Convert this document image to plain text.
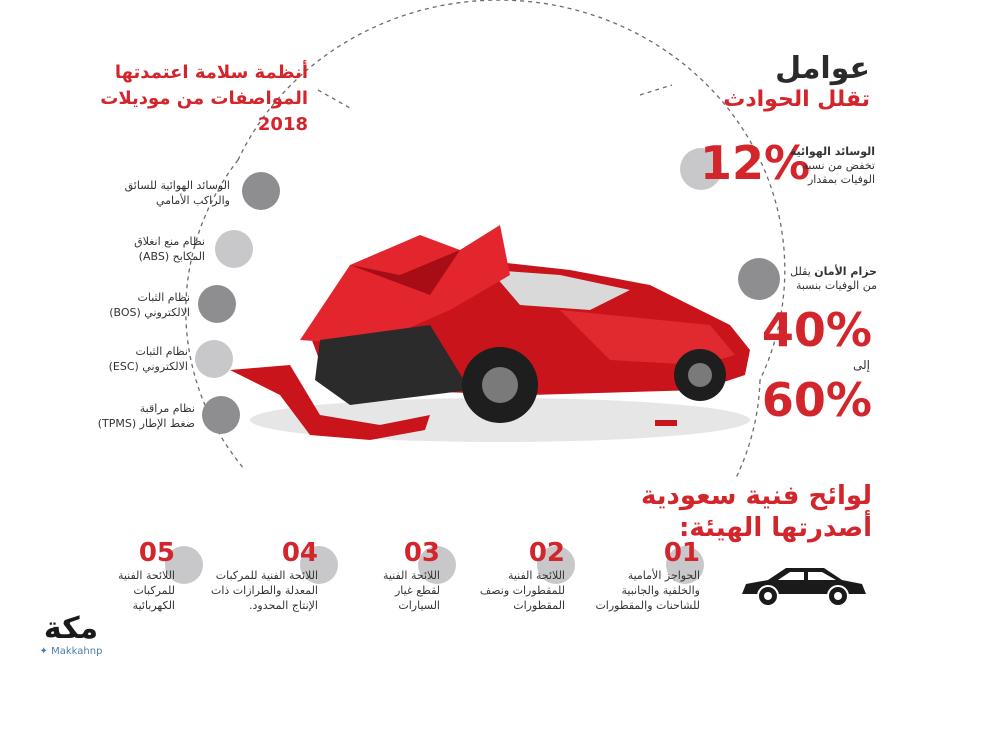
عوامل
تقلل الحوادث
أنظمة سلامة اعتمدتها
المواصفات من موديلات
2018
الوسائد الهوائية للسائق
والراكب الأمامي
نظام منع انغلاق
المكابح (ABS)
نظام الثبات
الالكتروني (BOS)
نظام الثبات
الالكتروني (ESC)
نظام مراقبة
ضغط الإطار (TPMS)
12%
الوسائد الهوائية
تخفض من نسبة
الوفيات بمقدار
حزام الأمان يقلل
من الوفيات بنسبة
40%
إلى
60%
لوائح فنية سعودية
أصدرتها الهيئة:
01
الحواجز الأمامية
والخلفية والجانبية
للشاحنات والمقطورات
02
اللائحة الفنية
للمقطورات ونصف
المقطورات
03
اللائحة الفنية
لقطع غيار
السيارات
04
اللائحة الفنية للمركبات
المعدلة والطرازات ذات
الإنتاج المحدود.
05
اللائحة الفنية
للمركبات
الكهربائية
مكة
✦ Makkahnp
